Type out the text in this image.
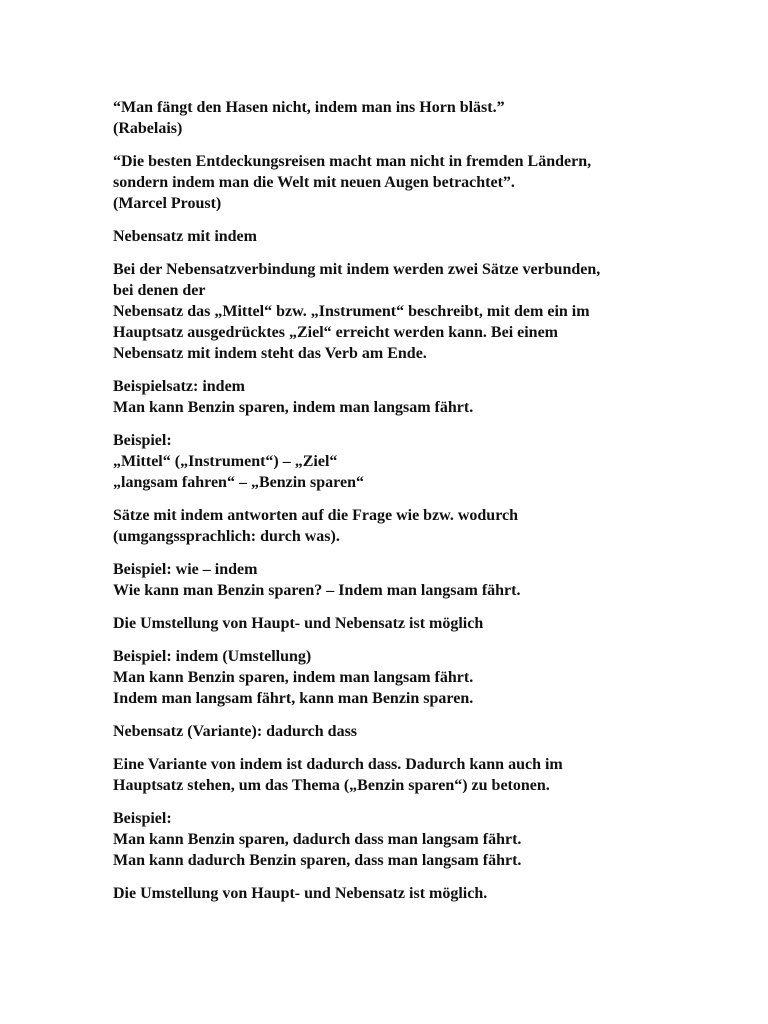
“Man fängt den Hasen nicht, indem man ins Horn bläst.”
(Rabelais)

“Die besten Entdeckungsreisen macht man nicht in fremden Ländern,
sondern indem man die Welt mit neuen Augen betrachtet”.
(Marcel Proust)

Nebensatz mit indem

Bei der Nebensatzverbindung mit indem werden zwei Sätze verbunden,
bei denen der
Nebensatz das „Mittel“ bzw. „Instrument“ beschreibt, mit dem ein im
Hauptsatz ausgedrücktes „Ziel“ erreicht werden kann. Bei einem
Nebensatz mit indem steht das Verb am Ende.

Beispielsatz: indem
Man kann Benzin sparen, indem man langsam fährt.

Beispiel:
„Mittel“ („Instrument“) – „Ziel“
„langsam fahren“ – „Benzin sparen“

Sätze mit indem antworten auf die Frage wie bzw. wodurch
(umgangssprachlich: durch was).

Beispiel: wie – indem
Wie kann man Benzin sparen? – Indem man langsam fährt.

Die Umstellung von Haupt- und Nebensatz ist möglich

Beispiel: indem (Umstellung)
Man kann Benzin sparen, indem man langsam fährt.
Indem man langsam fährt, kann man Benzin sparen.

Nebensatz (Variante): dadurch dass

Eine Variante von indem ist dadurch dass. Dadurch kann auch im
Hauptsatz stehen, um das Thema („Benzin sparen“) zu betonen.

Beispiel:
Man kann Benzin sparen, dadurch dass man langsam fährt.
Man kann dadurch Benzin sparen, dass man langsam fährt.

Die Umstellung von Haupt- und Nebensatz ist möglich.
